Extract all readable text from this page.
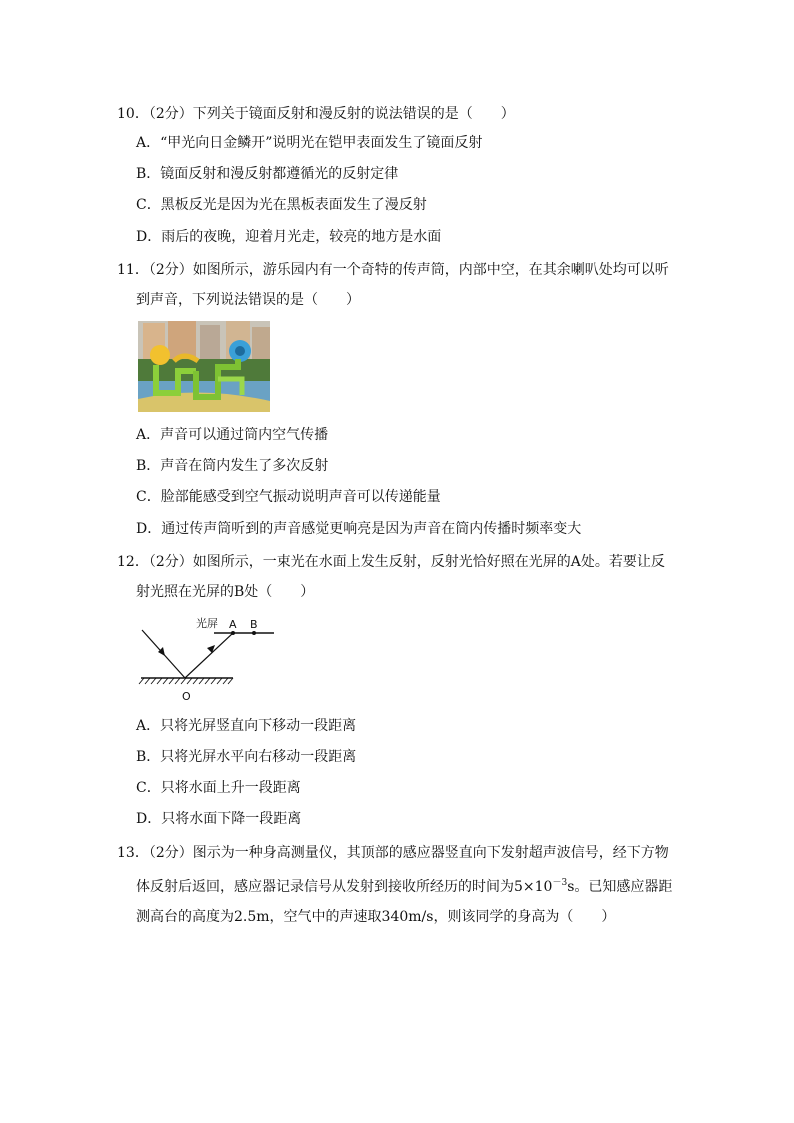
10．（2分）下列关于镜面反射和漫反射的说法错误的是（　　）
A．“甲光向日金鳞开”说明光在铠甲表面发生了镜面反射
B．镜面反射和漫反射都遵循光的反射定律
C．黑板反光是因为光在黑板表面发生了漫反射
D．雨后的夜晚，迎着月光走，较亮的地方是水面
11．（2分）如图所示，游乐园内有一个奇特的传声筒，内部中空，在其余喇叭处均可以听
到声音，下列说法错误的是（　　）
A．声音可以通过筒内空气传播
B．声音在筒内发生了多次反射
C．脸部能感受到空气振动说明声音可以传递能量
D．通过传声筒听到的声音感觉更响亮是因为声音在筒内传播时频率变大
12．（2分）如图所示，一束光在水面上发生反射，反射光恰好照在光屏的A处。若要让反
射光照在光屏的B处（　　）
光屏 A B
O
A．只将光屏竖直向下移动一段距离
B．只将光屏水平向右移动一段距离
C．只将水面上升一段距离
D．只将水面下降一段距离
13．（2分）图示为一种身高测量仪，其顶部的感应器竖直向下发射超声波信号，经下方物
体反射后返回，感应器记录信号从发射到接收所经历的时间为$5\times 10^{-3}s$。已知感应器距
测高台的高度为2.5m，空气中的声速取340m/s，则该同学的身高为（　　）
